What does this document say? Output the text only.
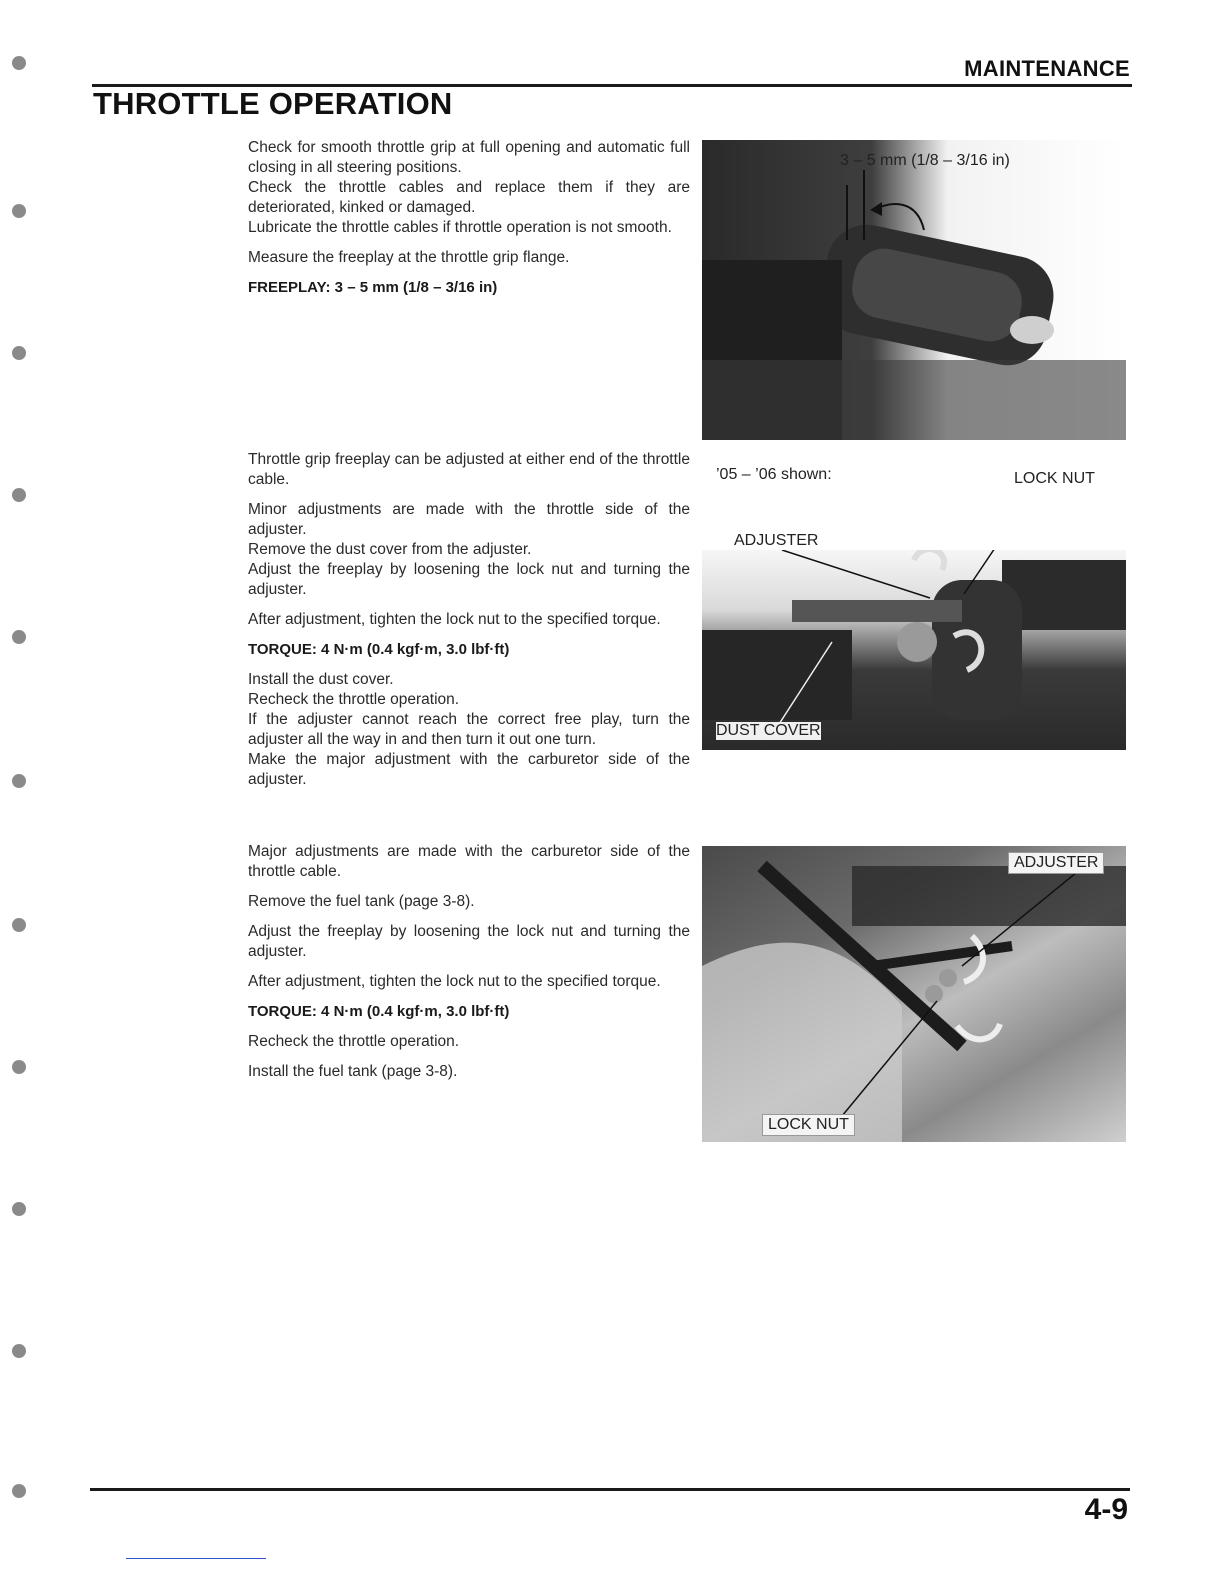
MAINTENANCE
THROTTLE OPERATION

Check for smooth throttle grip at full opening and automatic full closing in all steering positions.

Check the throttle cables and replace them if they are deteriorated, kinked or damaged.

Lubricate the throttle cables if throttle operation is not smooth.

Measure the freeplay at the throttle grip flange.

FREEPLAY: 3 – 5 mm (1/8 – 3/16 in)

Throttle grip freeplay can be adjusted at either end of the throttle cable.

Minor adjustments are made with the throttle side of the adjuster.

Remove the dust cover from the adjuster.

Adjust the freeplay by loosening the lock nut and turning the adjuster.

After adjustment, tighten the lock nut to the specified torque.

TORQUE: 4 N·m (0.4 kgf·m, 3.0 lbf·ft)

Install the dust cover.

Recheck the throttle operation.

If the adjuster cannot reach the correct free play, turn the adjuster all the way in and then turn it out one turn.

Make the major adjustment with the carburetor side of the adjuster.

Major adjustments are made with the carburetor side of the throttle cable.

Remove the fuel tank (page 3-8).

Adjust the freeplay by loosening the lock nut and turning the adjuster.

After adjustment, tighten the lock nut to the specified torque.

TORQUE: 4 N·m (0.4 kgf·m, 3.0 lbf·ft)

Recheck the throttle operation.

Install the fuel tank (page 3-8).

3 – 5 mm (1/8 – 3/16 in)
’05 – ’06 shown:	LOCK NUT
ADJUSTER
DUST COVER
ADJUSTER
LOCK NUT
4-9
